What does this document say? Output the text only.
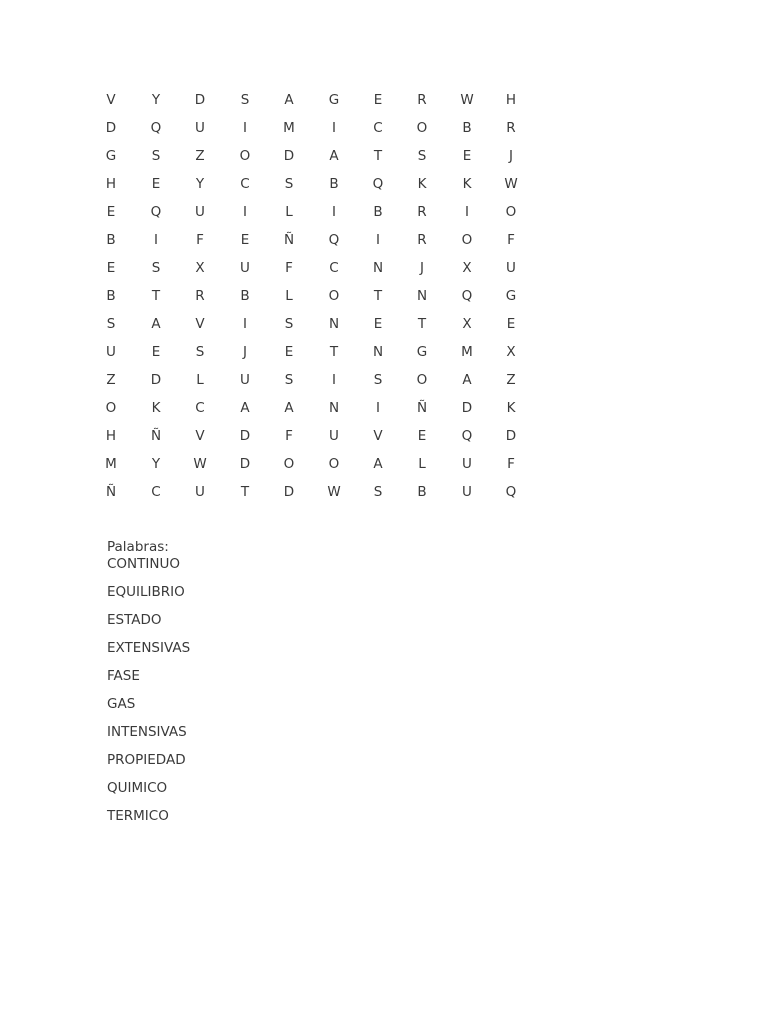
V	Y	D	S	A	G	E	R	W	H
D	Q	U	I	M	I	C	O	B	R
G	S	Z	O	D	A	T	S	E	J
H	E	Y	C	S	B	Q	K	K	W
E	Q	U	I	L	I	B	R	I	O
B	I	F	E	Ñ	Q	I	R	O	F
E	S	X	U	F	C	N	J	X	U
B	T	R	B	L	O	T	N	Q	G
S	A	V	I	S	N	E	T	X	E
U	E	S	J	E	T	N	G	M	X
Z	D	L	U	S	I	S	O	A	Z
O	K	C	A	A	N	I	Ñ	D	K
H	Ñ	V	D	F	U	V	E	Q	D
M	Y	W	D	O	O	A	L	U	F
Ñ	C	U	T	D	W	S	B	U	Q
Palabras:
CONTINUO
EQUILIBRIO
ESTADO
EXTENSIVAS
FASE
GAS
INTENSIVAS
PROPIEDAD
QUIMICO
TERMICO
